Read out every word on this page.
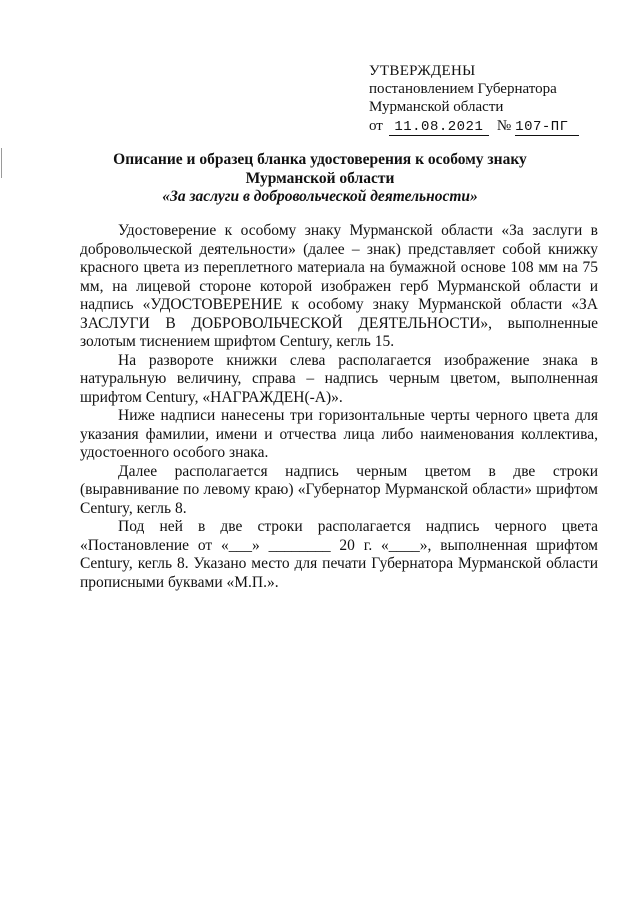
УТВЕРЖДЕНЫ
постановлением Губернатора
Мурманской области
от 11.08.2021 № 107-ПГ
Описание и образец бланка удостоверения к особому знаку
Мурманской области
«За заслуги в добровольческой деятельности»

Удостоверение к особому знаку Мурманской области «За заслуги в добровольческой деятельности» (далее – знак) представляет собой книжку красного цвета из переплетного материала на бумажной основе 108 мм на 75 мм, на лицевой стороне которой изображен герб Мурманской области и надпись «УДОСТОВЕРЕНИЕ к особому знаку Мурманской области «ЗА ЗАСЛУГИ В ДОБРОВОЛЬЧЕСКОЙ ДЕЯТЕЛЬНОСТИ», выполненные золотым тиснением шрифтом Century, кегль 15.

На развороте книжки слева располагается изображение знака в натуральную величину, справа – надпись черным цветом, выполненная шрифтом Century, «НАГРАЖДЕН(-А)».

Ниже надписи нанесены три горизонтальные черты черного цвета для указания фамилии, имени и отчества лица либо наименования коллектива, удостоенного особого знака.

Далее располагается надпись черным цветом в две строки (выравнивание по левому краю) «Губернатор Мурманской области» шрифтом Century, кегль 8.

Под ней в две строки располагается надпись черного цвета «Постановление от «___» ________ 20 г. «____», выполненная шрифтом Century, кегль 8. Указано место для печати Губернатора Мурманской области прописными буквами «М.П.».
